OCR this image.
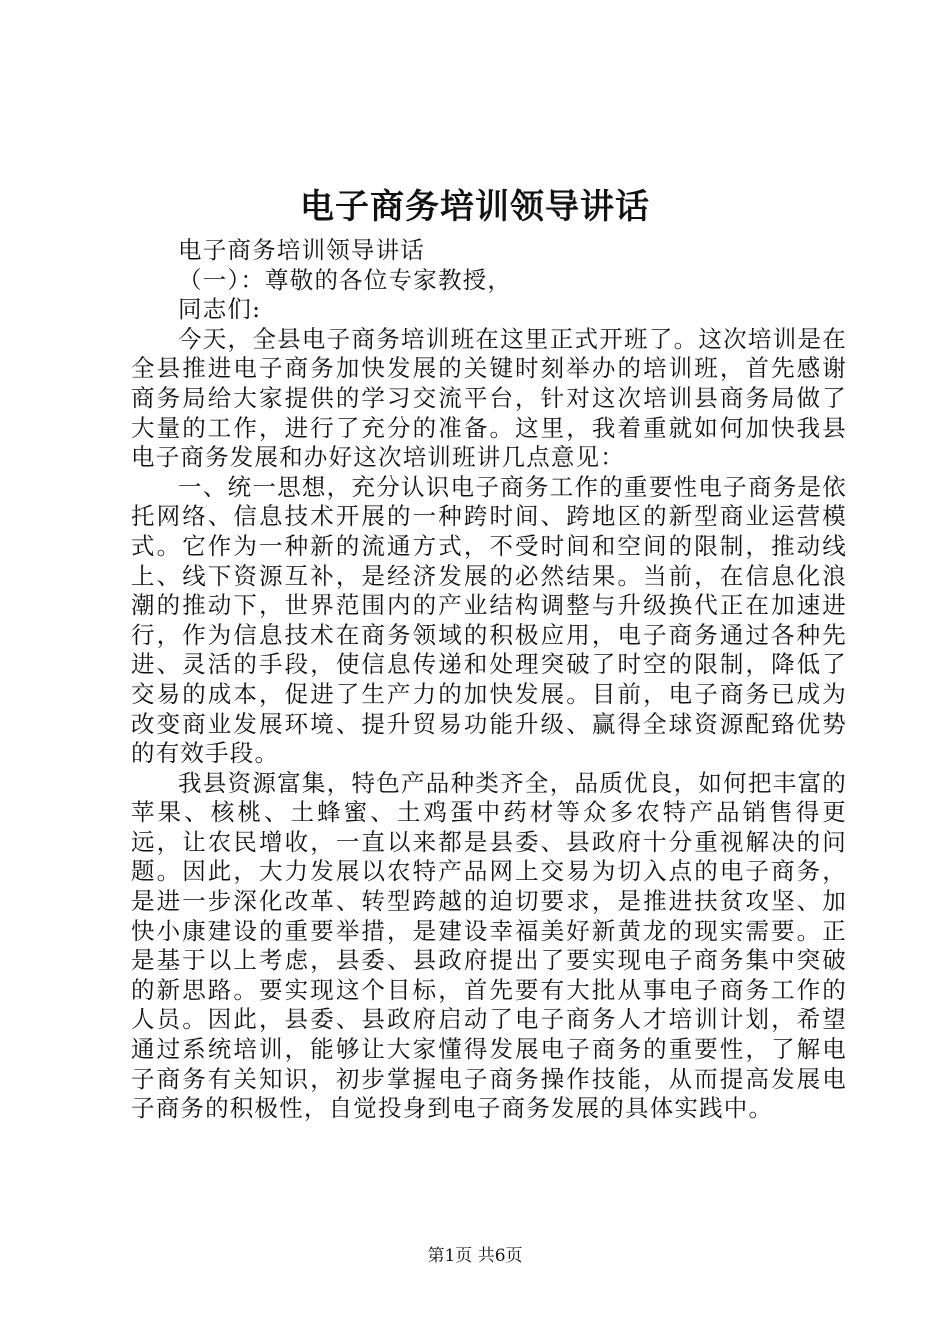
电子商务培训领导讲话

电子商务培训领导讲话

（一）：尊敬的各位专家教授，

同志们:

今天，全县电子商务培训班在这里正式开班了。这次培训是在全县推进电子商务加快发展的关键时刻举办的培训班，首先感谢商务局给大家提供的学习交流平台，针对这次培训县商务局做了大量的工作，进行了充分的准备。这里，我着重就如何加快我县电子商务发展和办好这次培训班讲几点意见：

一、统一思想，充分认识电子商务工作的重要性电子商务是依托网络、信息技术开展的一种跨时间、跨地区的新型商业运营模式。它作为一种新的流通方式，不受时间和空间的限制，推动线上、线下资源互补，是经济发展的必然结果。当前，在信息化浪潮的推动下，世界范围内的产业结构调整与升级换代正在加速进行，作为信息技术在商务领域的积极应用，电子商务通过各种先进、灵活的手段，使信息传递和处理突破了时空的限制，降低了交易的成本，促进了生产力的加快发展。目前，电子商务已成为改变商业发展环境、提升贸易功能升级、赢得全球资源配臵优势的有效手段。

我县资源富集，特色产品种类齐全，品质优良，如何把丰富的苹果、核桃、土蜂蜜、土鸡蛋中药材等众多农特产品销售得更远，让农民增收，一直以来都是县委、县政府十分重视解决的问题。因此，大力发展以农特产品网上交易为切入点的电子商务，是进一步深化改革、转型跨越的迫切要求，是推进扶贫攻坚、加快小康建设的重要举措，是建设幸福美好新黄龙的现实需要。正是基于以上考虑，县委、县政府提出了要实现电子商务集中突破的新思路。要实现这个目标，首先要有大批从事电子商务工作的人员。因此，县委、县政府启动了电子商务人才培训计划，希望通过系统培训，能够让大家懂得发展电子商务的重要性，了解电子商务有关知识，初步掌握电子商务操作技能，从而提高发展电子商务的积极性，自觉投身到电子商务发展的具体实践中。

第1页 共6页
